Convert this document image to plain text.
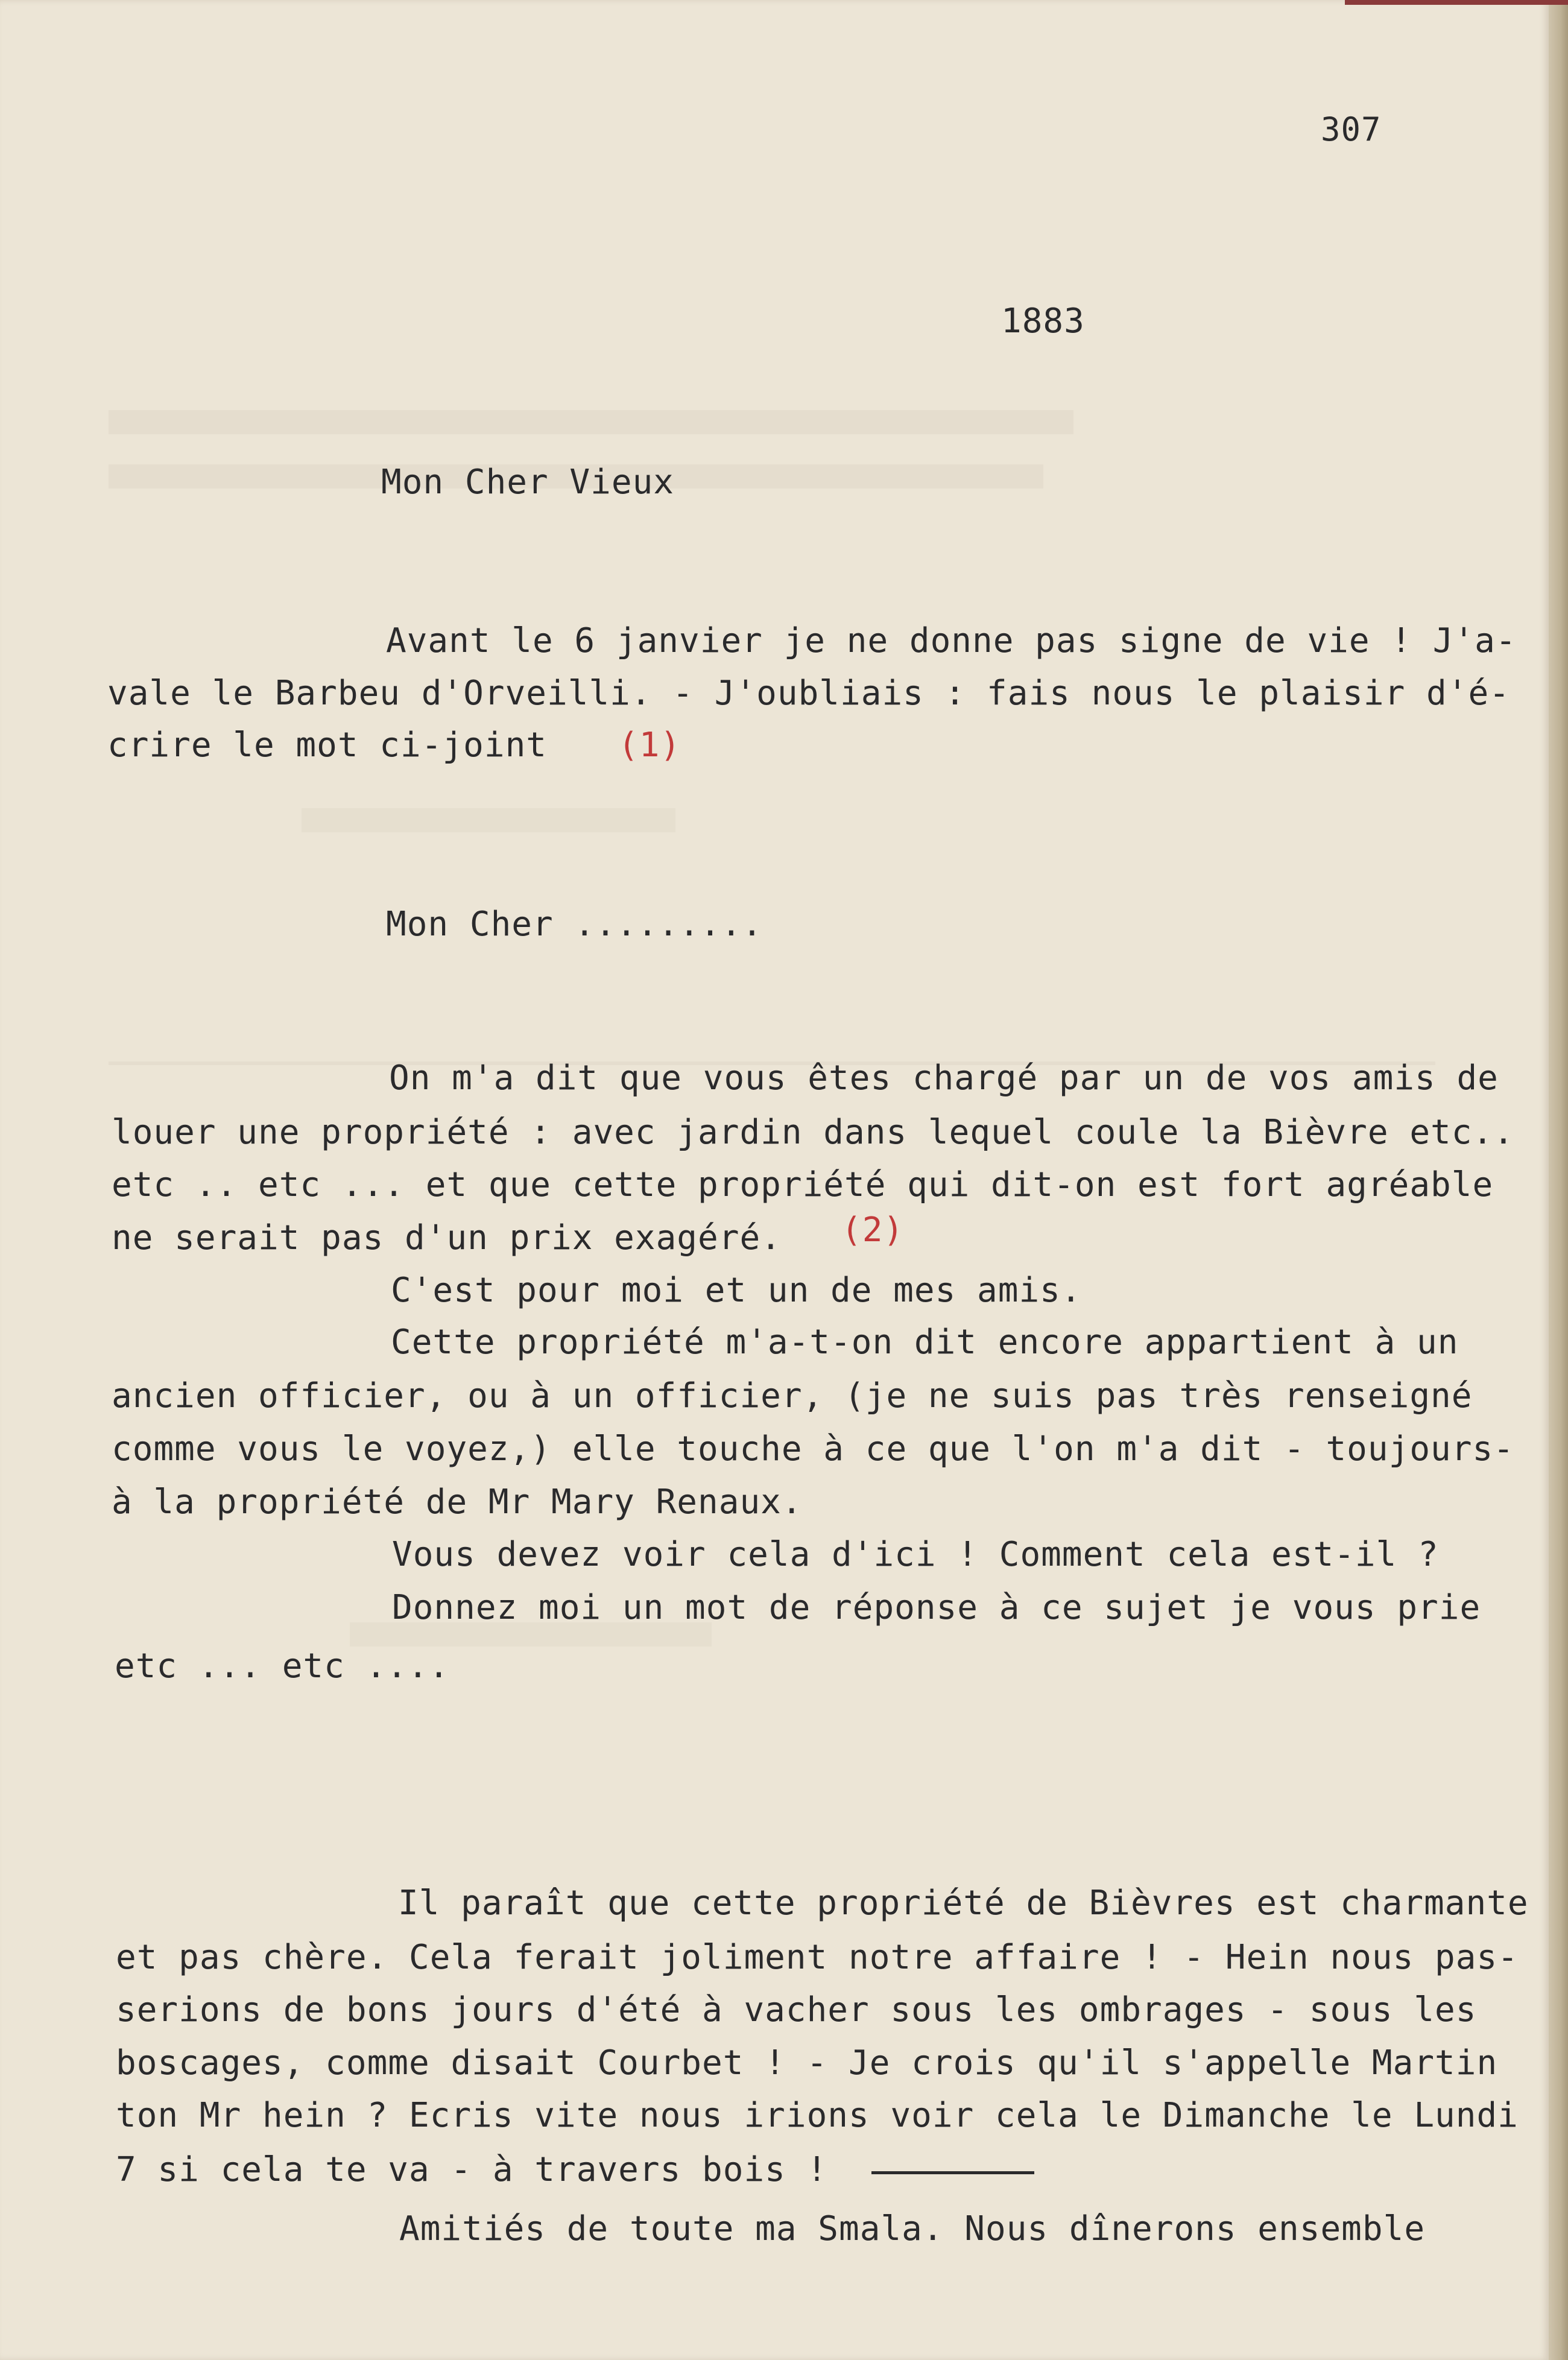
307
1883
Mon Cher Vieux
Avant le 6 janvier je ne donne pas signe de vie ! J'a-
vale le Barbeu d'Orveilli. - J'oubliais : fais nous le plaisir d'é-
crire le mot ci-joint (1)
Mon Cher .........
On m'a dit que vous êtes chargé par un de vos amis de
louer une propriété : avec jardin dans lequel coule la Bièvre etc..
etc .. etc ... et que cette propriété qui dit-on est fort agréable
ne serait pas d'un prix exagéré. (2)
C'est pour moi et un de mes amis.
Cette propriété m'a-t-on dit encore appartient à un
ancien officier, ou à un officier, (je ne suis pas très renseigné
comme vous le voyez,) elle touche à ce que l'on m'a dit - toujours-
à la propriété de Mr Mary Renaux.
Vous devez voir cela d'ici ! Comment cela est-il ?
Donnez moi un mot de réponse à ce sujet je vous prie
etc ... etc ....
Il paraît que cette propriété de Bièvres est charmante
et pas chère. Cela ferait joliment notre affaire ! - Hein nous pas-
serions de bons jours d'été à vacher sous les ombrages - sous les
boscages, comme disait Courbet ! - Je crois qu'il s'appelle Martin
ton Mr hein ? Ecris vite nous irions voir cela le Dimanche le Lundi
7 si cela te va - à travers bois !
Amitiés de toute ma Smala. Nous dînerons ensemble
